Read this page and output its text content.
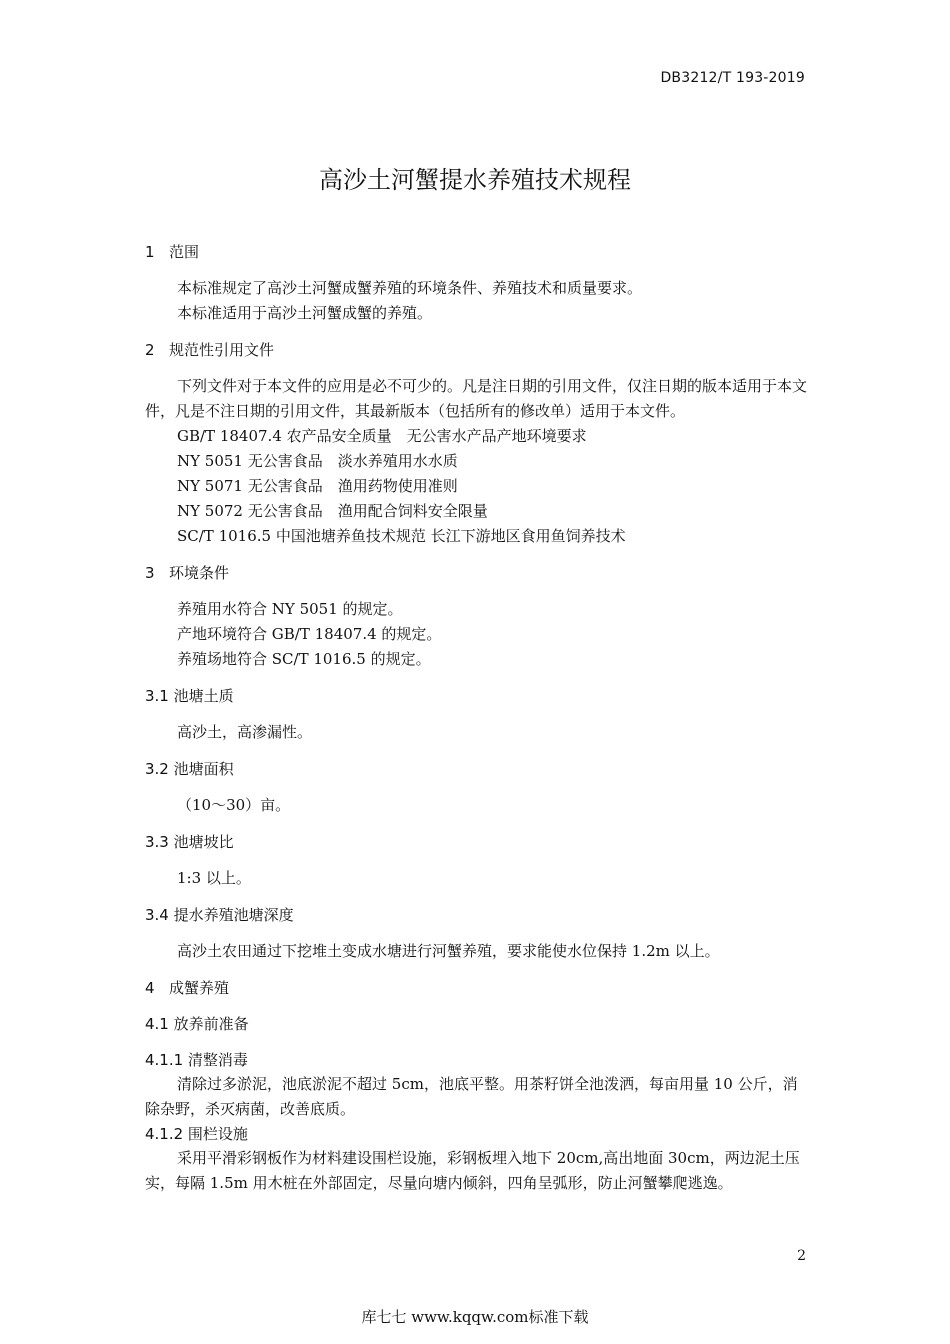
DB3212/T 193-2019
高沙土河蟹提水养殖技术规程
1 范围

本标准规定了高沙土河蟹成蟹养殖的环境条件、养殖技术和质量要求。

本标准适用于高沙土河蟹成蟹的养殖。

2 规范性引用文件

下列文件对于本文件的应用是必不可少的。凡是注日期的引用文件，仅注日期的版本适用于本文件，凡是不注日期的引用文件，其最新版本（包括所有的修改单）适用于本文件。

GB/T 18407.4 农产品安全质量　无公害水产品产地环境要求

NY 5051 无公害食品　淡水养殖用水水质

NY 5071 无公害食品　渔用药物使用准则

NY 5072 无公害食品　渔用配合饲料安全限量

SC/T 1016.5 中国池塘养鱼技术规范 长江下游地区食用鱼饲养技术

3 环境条件

养殖用水符合 NY 5051 的规定。

产地环境符合 GB/T 18407.4 的规定。

养殖场地符合 SC/T 1016.5 的规定。

3.1 池塘土质

高沙土，高渗漏性。

3.2 池塘面积

（10～30）亩。

3.3 池塘坡比

1:3 以上。

3.4 提水养殖池塘深度

高沙土农田通过下挖堆土变成水塘进行河蟹养殖，要求能使水位保持 1.2m 以上。

4 成蟹养殖
4.1 放养前准备
4.1.1 清整消毒

清除过多淤泥，池底淤泥不超过 5cm，池底平整。用茶籽饼全池泼洒，每亩用量 10 公斤，消除杂野，杀灭病菌，改善底质。

4.1.2 围栏设施

采用平滑彩钢板作为材料建设围栏设施，彩钢板埋入地下 20cm,高出地面 30cm，两边泥土压实，每隔 1.5m 用木桩在外部固定，尽量向塘内倾斜，四角呈弧形，防止河蟹攀爬逃逸。

2
库七七 www.kqqw.com标准下载
